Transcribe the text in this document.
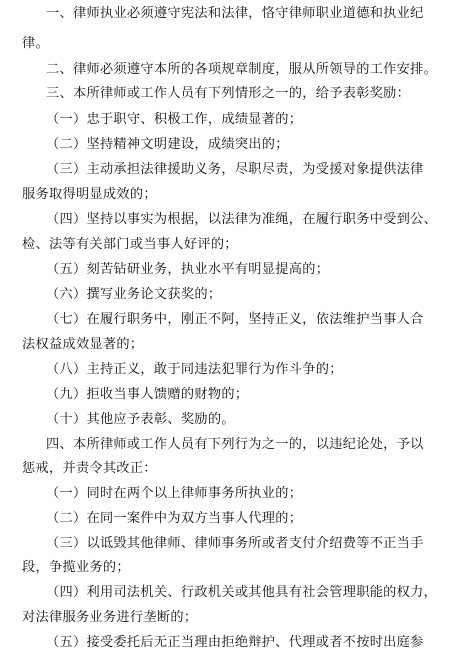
一、律师执业必须遵守宪法和法律，恪守律师职业道德和执业纪
律。
二、律师必须遵守本所的各项规章制度，服从所领导的工作安排。
三、本所律师或工作人员有下列情形之一的，给予表彰奖励：
（一）忠于职守、积极工作，成绩显著的；
（二）坚持精神文明建设，成绩突出的；
（三）主动承担法律援助义务，尽职尽责，为受援对象提供法律
服务取得明显成效的；
（四）坚持以事实为根据，以法律为准绳，在履行职务中受到公、
检、法等有关部门或当事人好评的；
（五）刻苦钻研业务，执业水平有明显提高的；
（六）撰写业务论文获奖的；
（七）在履行职务中，刚正不阿，坚持正义，依法维护当事人合
法权益成效显著的；
（八）主持正义，敢于同违法犯罪行为作斗争的；
（九）拒收当事人馈赠的财物的；
（十）其他应予表彰、奖励的。
四、本所律师或工作人员有下列行为之一的，以违纪论处，予以
惩戒，并责令其改正：
（一）同时在两个以上律师事务所执业的；
（二）在同一案件中为双方当事人代理的；
（三）以诋毁其他律师、律师事务所或者支付介绍费等不正当手
段，争揽业务的；
（四）利用司法机关、行政机关或其他具有社会管理职能的权力，
对法律服务业务进行垄断的；
（五）接受委托后无正当理由拒绝辩护、代理或者不按时出庭参
